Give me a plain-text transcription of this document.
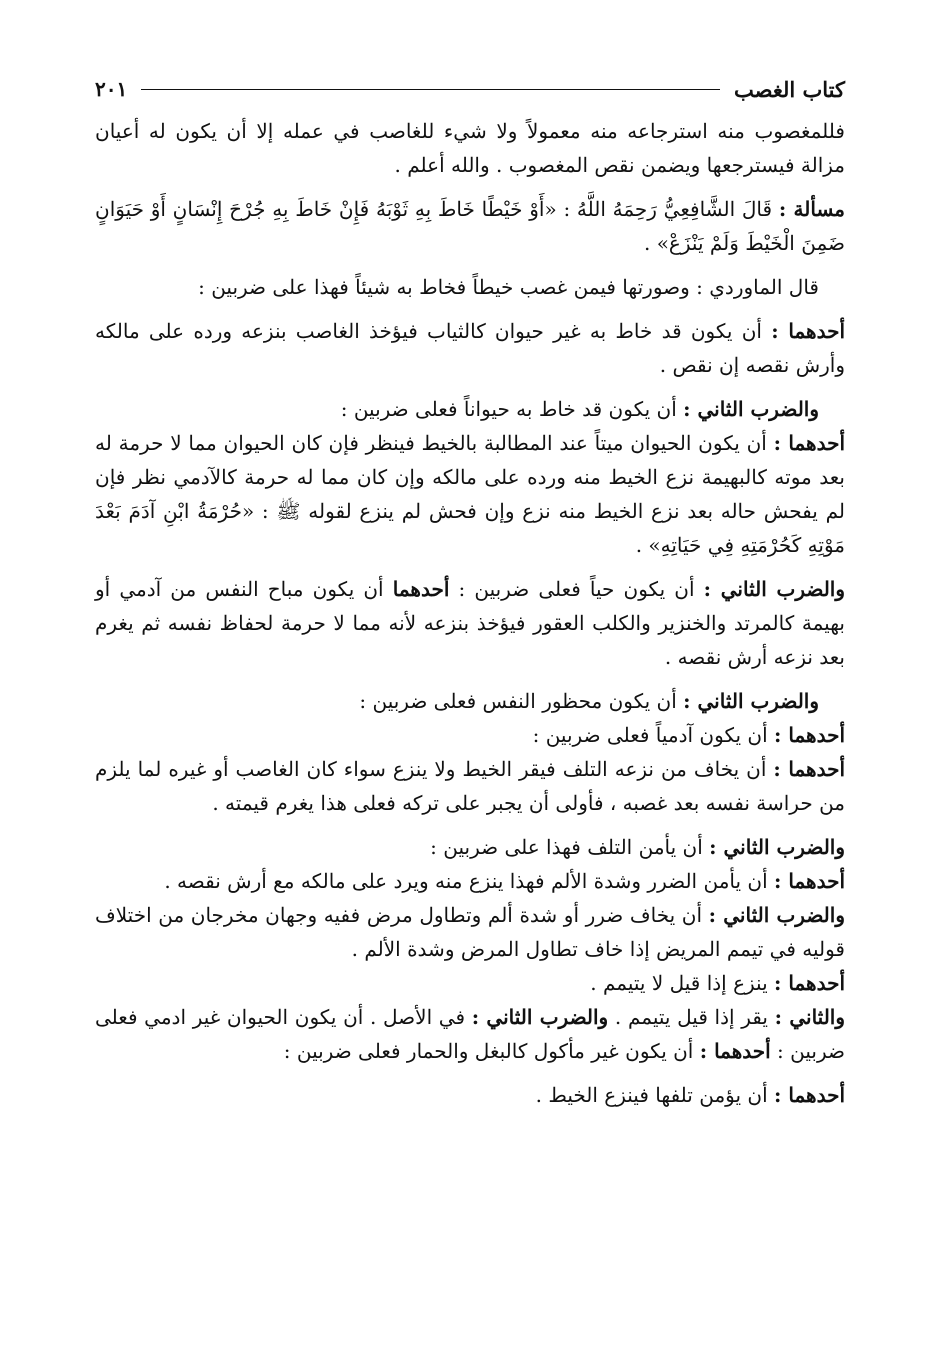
كتاب الغصب
٢٠١

فللمغصوب منه استرجاعه منه معمولاً ولا شيء للغاصب في عمله إلا أن يكون له أعيان مزالة فيسترجعها ويضمن نقص المغصوب . والله أعلم .

مسألة : قَالَ الشَّافِعِيُّ رَحِمَهُ اللَّهُ : «أَوْ خَيْطًا خَاطَ بِهِ ثَوْبَهُ فَإِنْ خَاطَ بِهِ جُرْحَ إِنْسَانٍ أَوْ حَيَوَانٍ ضَمِنَ الْخَيْطَ وَلَمْ يَنْزَعْ» .

قال الماوردي : وصورتها فيمن غصب خيطاً فخاط به شيئاً فهذا على ضربين :

أحدهما : أن يكون قد خاط به غير حيوان كالثياب فيؤخذ الغاصب بنزعه ورده على مالكه وأرش نقصه إن نقص .

والضرب الثاني : أن يكون قد خاط به حيواناً فعلى ضربين :

أحدهما : أن يكون الحيوان ميتاً عند المطالبة بالخيط فينظر فإن كان الحيوان مما لا حرمة له بعد موته كالبهيمة نزع الخيط منه ورده على مالكه وإن كان مما له حرمة كالآدمي نظر فإن لم يفحش حاله بعد نزع الخيط منه نزع وإن فحش لم ينزع لقوله ﷺ : «حُرْمَةُ ابْنِ آدَمَ بَعْدَ مَوْتِهِ كَحُرْمَتِهِ فِي حَيَاتِهِ» .

والضرب الثاني : أن يكون حياً فعلى ضربين : أحدهما أن يكون مباح النفس من آدمي أو بهيمة كالمرتد والخنزير والكلب العقور فيؤخذ بنزعه لأنه مما لا حرمة لحفاظ نفسه ثم يغرم بعد نزعه أرش نقصه .

والضرب الثاني : أن يكون محظور النفس فعلى ضربين :

أحدهما : أن يكون آدمياً فعلى ضربين :

أحدهما : أن يخاف من نزعه التلف فيقر الخيط ولا ينزع سواء كان الغاصب أو غيره لما يلزم من حراسة نفسه بعد غصبه ، فأولى أن يجبر على تركه فعلى هذا يغرم قيمته .

والضرب الثاني : أن يأمن التلف فهذا على ضربين :

أحدهما : أن يأمن الضرر وشدة الألم فهذا ينزع منه ويرد على مالكه مع أرش نقصه .

والضرب الثاني : أن يخاف ضرر أو شدة ألم وتطاول مرض ففيه وجهان مخرجان من اختلاف قوليه في تيمم المريض إذا خاف تطاول المرض وشدة الألم .

أحدهما : ينزع إذا قيل لا يتيمم .

والثاني : يقر إذا قيل يتيمم . والضرب الثاني : في الأصل . أن يكون الحيوان غير ادمي فعلى ضربين : أحدهما : أن يكون غير مأكول كالبغل والحمار فعلى ضربين :

أحدهما : أن يؤمن تلفها فينزع الخيط .
